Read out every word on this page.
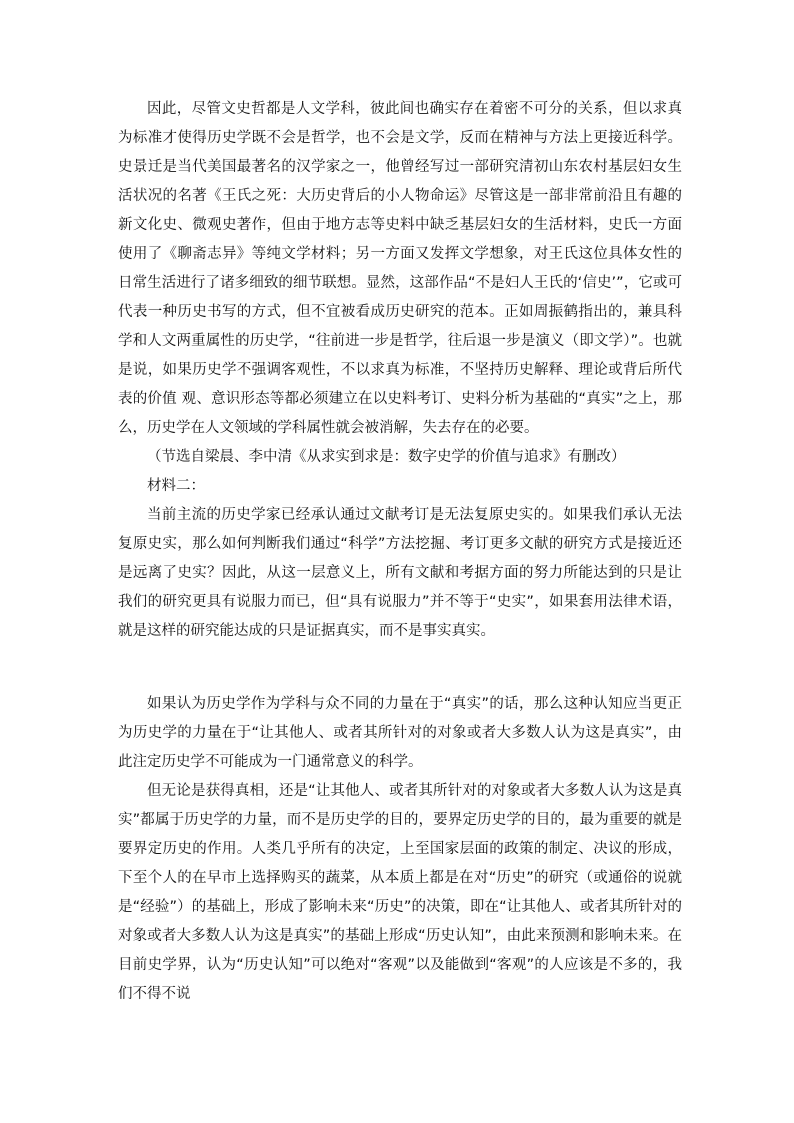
因此，尽管文史哲都是人文学科，彼此间也确实存在着密不可分的关系，但以求真为标准才使得历史学既不会是哲学，也不会是文学，反而在精神与方法上更接近科学。史景迁是当代美国最著名的汉学家之一，他曾经写过一部研究清初山东农村基层妇女生活状况的名著《王氏之死：大历史背后的小人物命运》尽管这是一部非常前沿且有趣的新文化史、微观史著作，但由于地方志等史料中缺乏基层妇女的生活材料，史氏一方面使用了《聊斋志异》等纯文学材料；另一方面又发挥文学想象，对王氏这位具体女性的日常生活进行了诸多细致的细节联想。显然，这部作品“不是妇人王氏的‘信史’”，它或可代表一种历史书写的方式，但不宜被看成历史研究的范本。正如周振鹤指出的，兼具科学和人文两重属性的历史学，“往前进一步是哲学，往后退一步是演义（即文学）”。也就是说，如果历史学不强调客观性，不以求真为标准，不坚持历史解释、理论或背后所代表的价值 观、意识形态等都必须建立在以史料考订、史料分析为基础的“真实”之上，那么，历史学在人文领域的学科属性就会被消解，失去存在的必要。

（节选自梁晨、李中清《从求实到求是：数字史学的价值与追求》有删改）

材料二：

当前主流的历史学家已经承认通过文献考订是无法复原史实的。如果我们承认无法复原史实，那么如何判断我们通过“科学”方法挖掘、考订更多文献的研究方式是接近还是远离了史实？因此，从这一层意义上，所有文献和考据方面的努力所能达到的只是让我们的研究更具有说服力而已，但“具有说服力”并不等于“史实”，如果套用法律术语，就是这样的研究能达成的只是证据真实，而不是事实真实。

如果认为历史学作为学科与众不同的力量在于“真实”的话，那么这种认知应当更正为历史学的力量在于“让其他人、或者其所针对的对象或者大多数人认为这是真实”，由此注定历史学不可能成为一门通常意义的科学。

但无论是获得真相，还是“让其他人、或者其所针对的对象或者大多数人认为这是真实”都属于历史学的力量，而不是历史学的目的，要界定历史学的目的，最为重要的就是要界定历史的作用。人类几乎所有的决定，上至国家层面的政策的制定、决议的形成，下至个人的在早市上选择购买的蔬菜，从本质上都是在对“历史”的研究（或通俗的说就是“经验”）的基础上，形成了影响未来“历史”的决策，即在“让其他人、或者其所针对的对象或者大多数人认为这是真实”的基础上形成“历史认知”，由此来预测和影响未来。在目前史学界，认为“历史认知”可以绝对“客观”以及能做到“客观”的人应该是不多的，我们不得不说
